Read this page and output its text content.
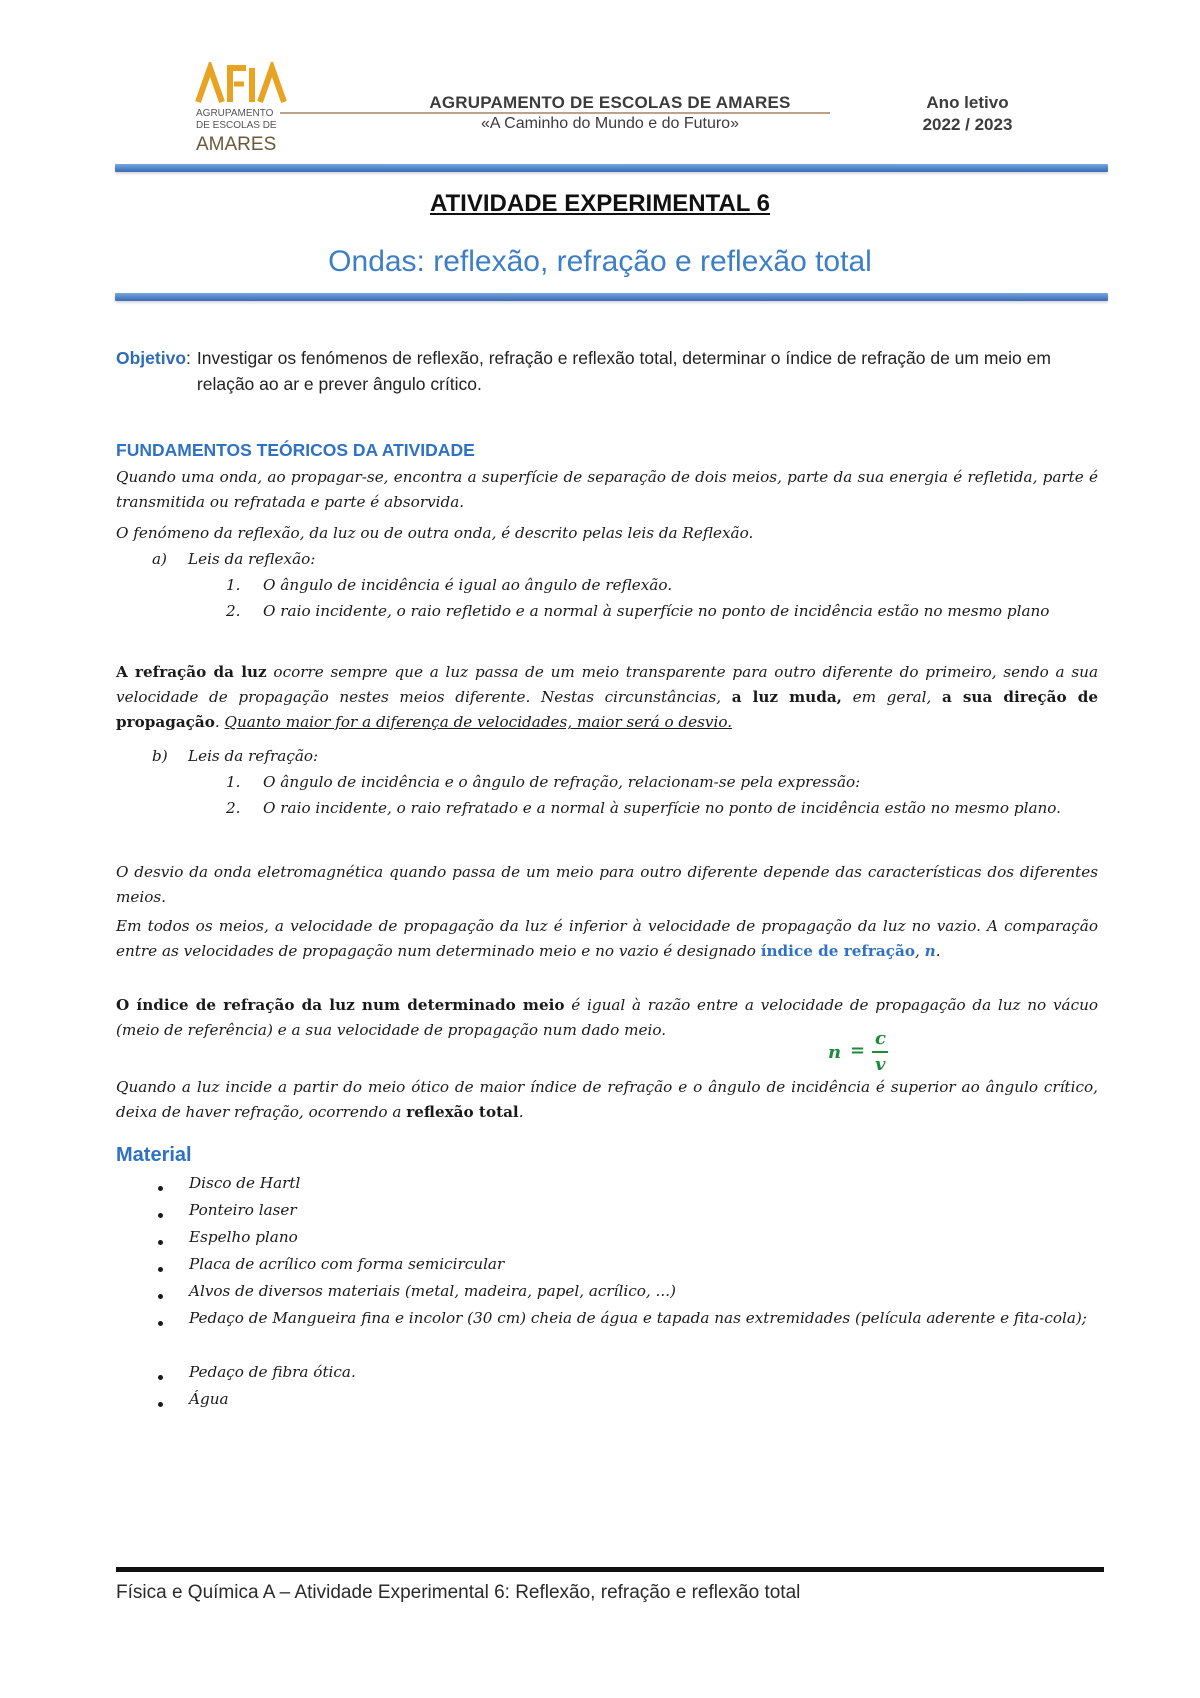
AGRUPAMENTO
DE ESCOLAS DE
AMARES
AGRUPAMENTO DE ESCOLAS DE AMARES
«A Caminho do Mundo e do Futuro»
Ano letivo
2022 / 2023
ATIVIDADE EXPERIMENTAL 6
Ondas: reflexão, refração e reflexão total
Objetivo: Investigar os fenómenos de reflexão, refração e reflexão total, determinar o índice de refração de um meio em relação ao ar e prever ângulo crítico.
FUNDAMENTOS TEÓRICOS DA ATIVIDADE
Quando uma onda, ao propagar-se, encontra a superfície de separação de dois meios, parte da sua energia é refletida, parte é transmitida ou refratada e parte é absorvida.
O fenómeno da reflexão, da luz ou de outra onda, é descrito pelas leis da Reflexão.
a) Leis da reflexão:
1. O ângulo de incidência é igual ao ângulo de reflexão.
2. O raio incidente, o raio refletido e a normal à superfície no ponto de incidência estão no mesmo plano
A refração da luz ocorre sempre que a luz passa de um meio transparente para outro diferente do primeiro, sendo a sua velocidade de propagação nestes meios diferente. Nestas circunstâncias, a luz muda, em geral, a sua direção de propagação. Quanto maior for a diferença de velocidades, maior será o desvio.
b) Leis da refração:
1. O ângulo de incidência e o ângulo de refração, relacionam-se pela expressão:
2. O raio incidente, o raio refratado e a normal à superfície no ponto de incidência estão no mesmo plano.
O desvio da onda eletromagnética quando passa de um meio para outro diferente depende das características dos diferentes meios.
Em todos os meios, a velocidade de propagação da luz é inferior à velocidade de propagação da luz no vazio. A comparação entre as velocidades de propagação num determinado meio e no vazio é designado índice de refração, n.
O índice de refração da luz num determinado meio é igual à razão entre a velocidade de propagação da luz no vácuo (meio de referência) e a sua velocidade de propagação num dado meio.
n =
c
v
Quando a luz incide a partir do meio ótico de maior índice de refração e o ângulo de incidência é superior ao ângulo crítico, deixa de haver refração, ocorrendo a reflexão total.
Material
Disco de Hartl
Ponteiro laser
Espelho plano
Placa de acrílico com forma semicircular
Alvos de diversos materiais (metal, madeira, papel, acrílico, ...)
Pedaço de Mangueira fina e incolor (30 cm) cheia de água e tapada nas extremidades (película aderente e fita-cola);
Pedaço de fibra ótica.
Água
Física e Química A – Atividade Experimental 6: Reflexão, refração e reflexão total
